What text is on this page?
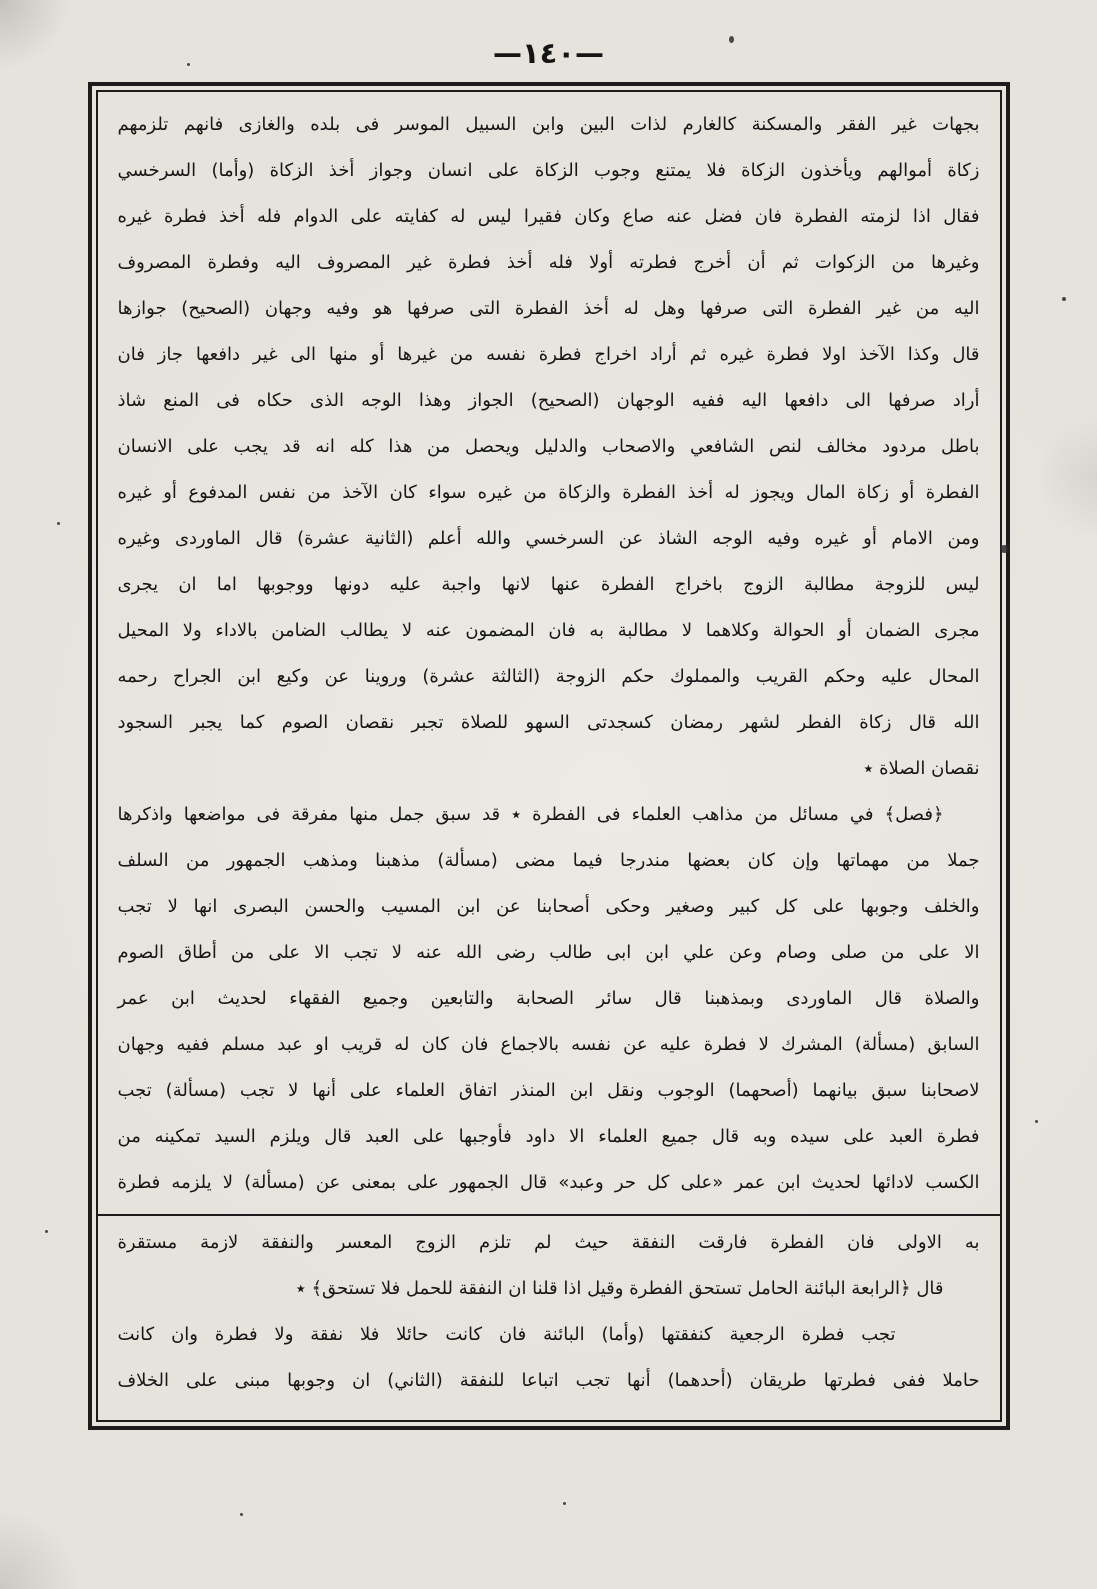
—١٤٠—

بجهات غير الفقر والمسكنة كالغارم لذات البين وابن السبيل الموسر فى بلده والغازى فانهم تلزمهم

زكاة أموالهم ويأخذون الزكاة فلا يمتنع وجوب الزكاة على انسان وجواز أخذ الزكاة (وأما) السرخسي

فقال اذا لزمته الفطرة فان فضل عنه صاع وكان فقيرا ليس له كفايته على الدوام فله أخذ فطرة غيره

وغيرها من الزكوات ثم أن أخرج فطرته أولا فله أخذ فطرة غير المصروف اليه وفطرة المصروف

اليه من غير الفطرة التى صرفها وهل له أخذ الفطرة التى صرفها هو وفيه وجهان (الصحيح) جوازها

قال وكذا الآخذ اولا فطرة غيره ثم أراد اخراج فطرة نفسه من غيرها أو منها الى غير دافعها جاز فان

أراد صرفها الى دافعها اليه ففيه الوجهان (الصحيح) الجواز وهذا الوجه الذى حكاه فى المنع شاذ

باطل مردود مخالف لنص الشافعي والاصحاب والدليل ويحصل من هذا كله انه قد يجب على الانسان

الفطرة أو زكاة المال ويجوز له أخذ الفطرة والزكاة من غيره سواء كان الآخذ من نفس المدفوع أو غيره

ومن الامام أو غيره وفيه الوجه الشاذ عن السرخسي والله أعلم (الثانية عشرة) قال الماوردى وغيره

ليس للزوجة مطالبة الزوج باخراج الفطرة عنها لانها واجبة عليه دونها ووجوبها اما ان يجرى

مجرى الضمان أو الحوالة وكلاهما لا مطالبة به فان المضمون عنه لا يطالب الضامن بالاداء ولا المحيل

المحال عليه وحكم القريب والمملوك حكم الزوجة (الثالثة عشرة) وروينا عن وكيع ابن الجراح رحمه

الله قال زكاة الفطر لشهر رمضان كسجدتى السهو للصلاة تجبر نقصان الصوم كما يجبر السجود

نقصان الصلاة ٭

﴿فصل﴾ في مسائل من مذاهب العلماء فى الفطرة ٭ قد سبق جمل منها مفرقة فى مواضعها واذكرها

جملا من مهماتها وإن كان بعضها مندرجا فيما مضى (مسألة) مذهبنا ومذهب الجمهور من السلف

والخلف وجوبها على كل كبير وصغير وحكى أصحابنا عن ابن المسيب والحسن البصرى انها لا تجب

الا على من صلى وصام وعن علي ابن ابى طالب رضى الله عنه لا تجب الا على من أطاق الصوم

والصلاة قال الماوردى وبمذهبنا قال سائر الصحابة والتابعين وجميع الفقهاء لحديث ابن عمر

السابق (مسألة) المشرك لا فطرة عليه عن نفسه بالاجماع فان كان له قريب او عبد مسلم ففيه وجهان

لاصحابنا سبق بيانهما (أصحهما) الوجوب ونقل ابن المنذر اتفاق العلماء على أنها لا تجب (مسألة) تجب

فطرة العبد على سيده وبه قال جميع العلماء الا داود فأوجبها على العبد قال ويلزم السيد تمكينه من

الكسب لادائها لحديث ابن عمر «على كل حر وعبد» قال الجمهور على بمعنى عن (مسألة) لا يلزمه فطرة

به الاولى فان الفطرة فارقت النفقة حيث لم تلزم الزوج المعسر والنفقة لازمة مستقرة

قال ﴿الرابعة البائنة الحامل تستحق الفطرة وقيل اذا قلنا ان النفقة للحمل فلا تستحق﴾ ٭

تجب فطرة الرجعية كنفقتها (وأما) البائنة فان كانت حائلا فلا نفقة ولا فطرة وان كانت

حاملا ففى فطرتها طريقان (أحدهما) أنها تجب اتباعا للنفقة (الثاني) ان وجوبها مبنى على الخلاف
